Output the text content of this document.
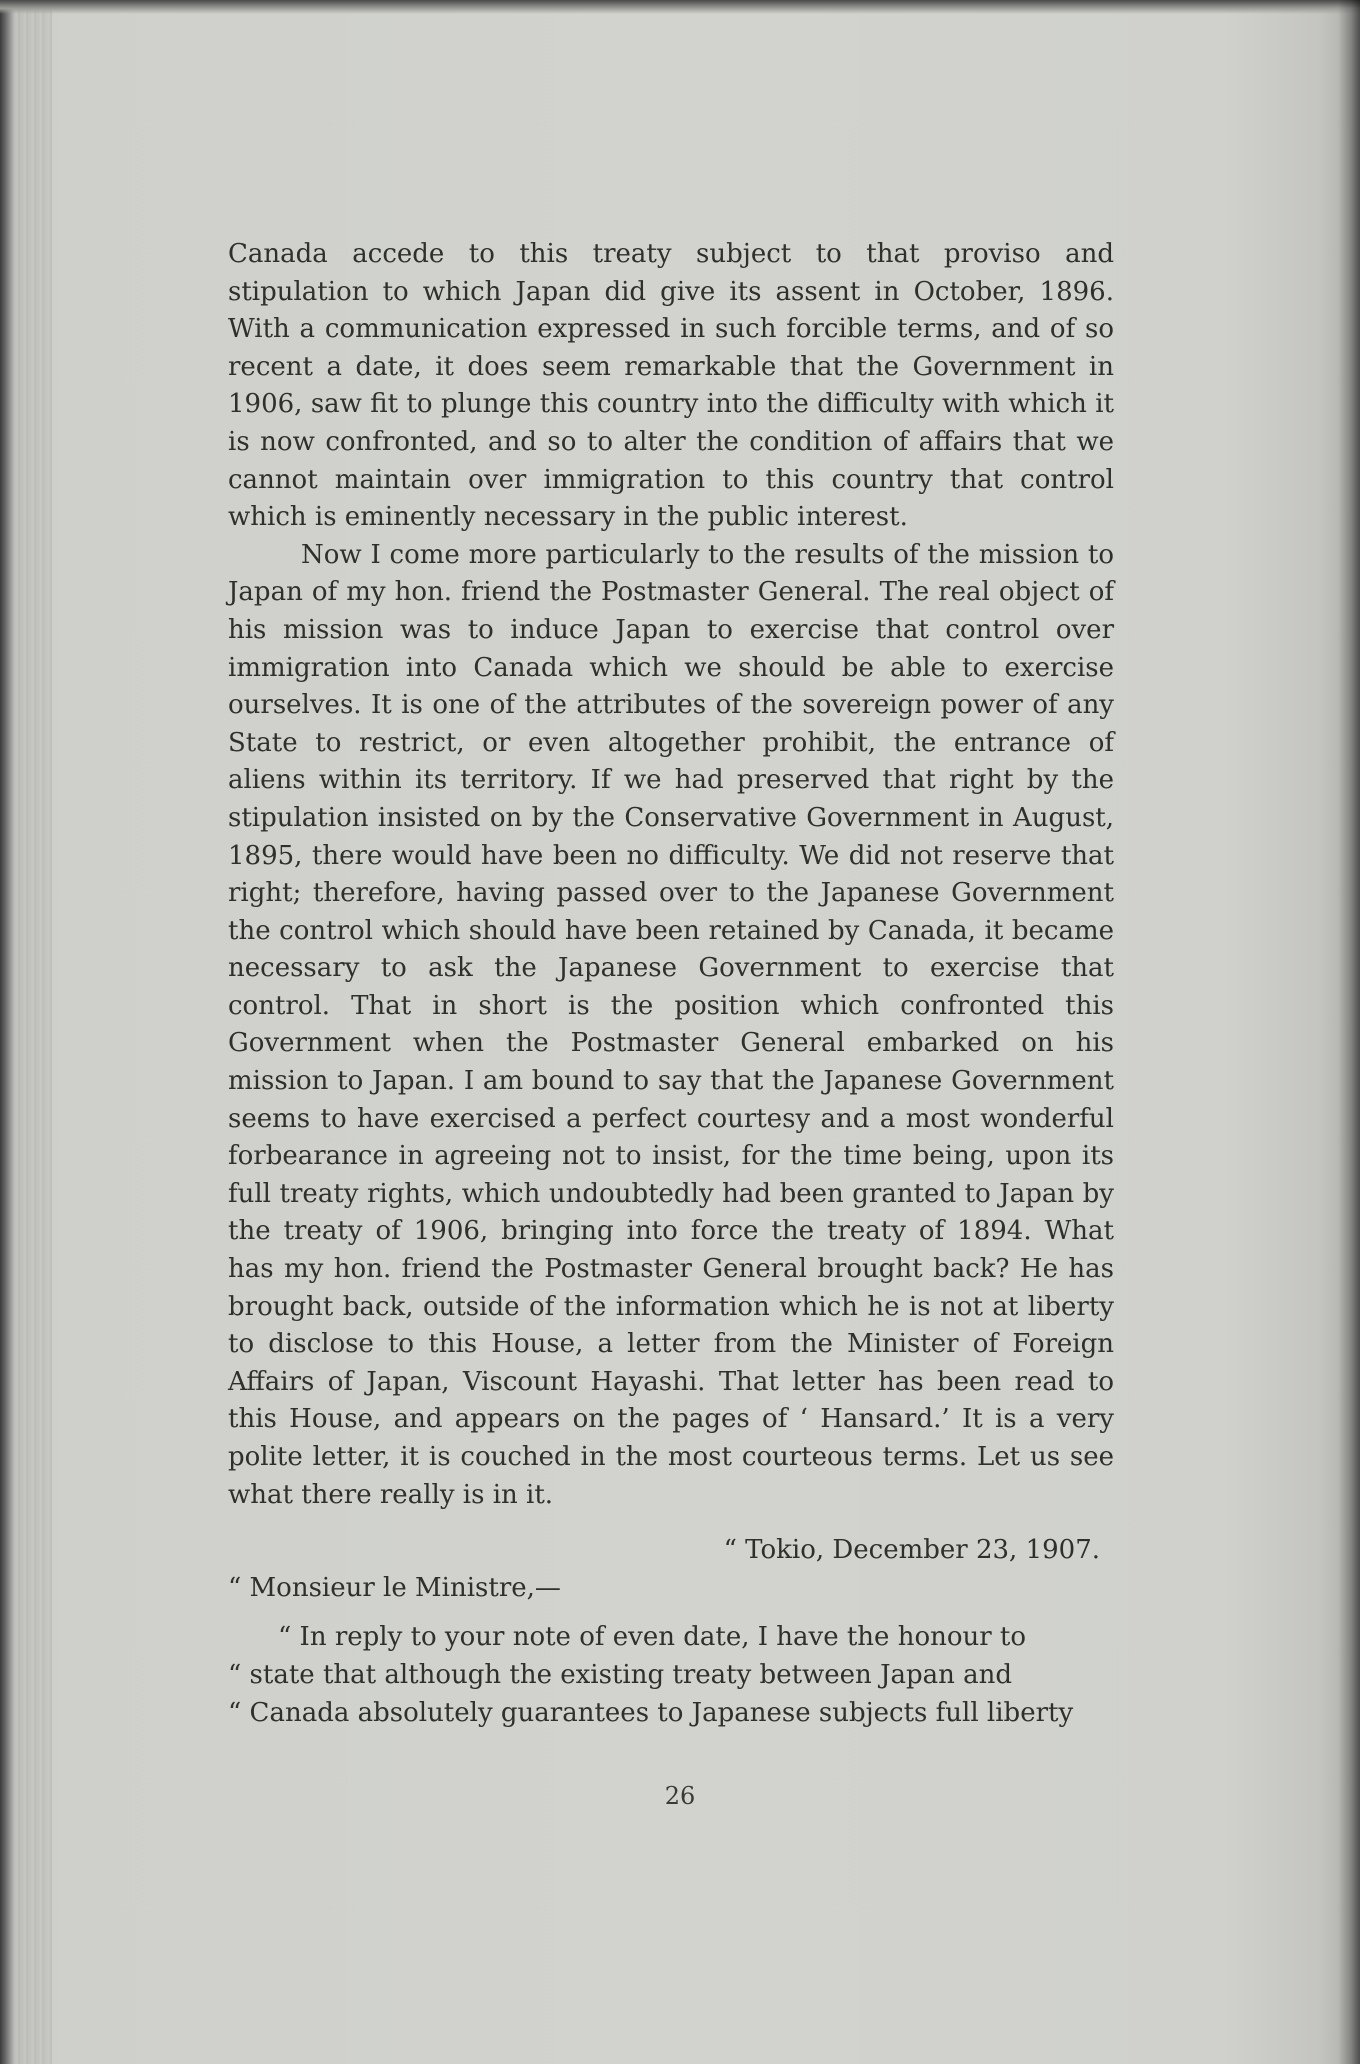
Canada accede to this treaty subject to that proviso and stipulation to which Japan did give its assent in October, 1896. With a communication expressed in such forcible terms, and of so recent a date, it does seem remarkable that the Government in 1906, saw fit to plunge this country into the difficulty with which it is now confronted, and so to alter the condition of affairs that we cannot maintain over immigration to this country that control which is eminently necessary in the public interest.

Now I come more particularly to the results of the mission to Japan of my hon. friend the Postmaster General. The real object of his mission was to induce Japan to exercise that control over immigration into Canada which we should be able to exercise ourselves. It is one of the attributes of the sovereign power of any State to restrict, or even altogether prohibit, the entrance of aliens within its territory. If we had preserved that right by the stipulation insisted on by the Conservative Government in August, 1895, there would have been no difficulty. We did not reserve that right; therefore, having passed over to the Japanese Government the control which should have been retained by Canada, it became necessary to ask the Japanese Government to exercise that control. That in short is the position which confronted this Government when the Postmaster General embarked on his mission to Japan. I am bound to say that the Japanese Government seems to have exercised a perfect courtesy and a most wonderful forbearance in agreeing not to insist, for the time being, upon its full treaty rights, which undoubtedly had been granted to Japan by the treaty of 1906, bringing into force the treaty of 1894. What has my hon. friend the Postmaster General brought back? He has brought back, outside of the information which he is not at liberty to disclose to this House, a letter from the Minister of Foreign Affairs of Japan, Viscount Hayashi. That letter has been read to this House, and appears on the pages of ‘ Hansard.’ It is a very polite letter, it is couched in the most courteous terms. Let us see what there really is in it.

“ Tokio, December 23, 1907.

“ Monsieur le Ministre,—

“ In reply to your note of even date, I have the honour to
“ state that although the existing treaty between Japan and
“ Canada absolutely guarantees to Japanese subjects full liberty

26
